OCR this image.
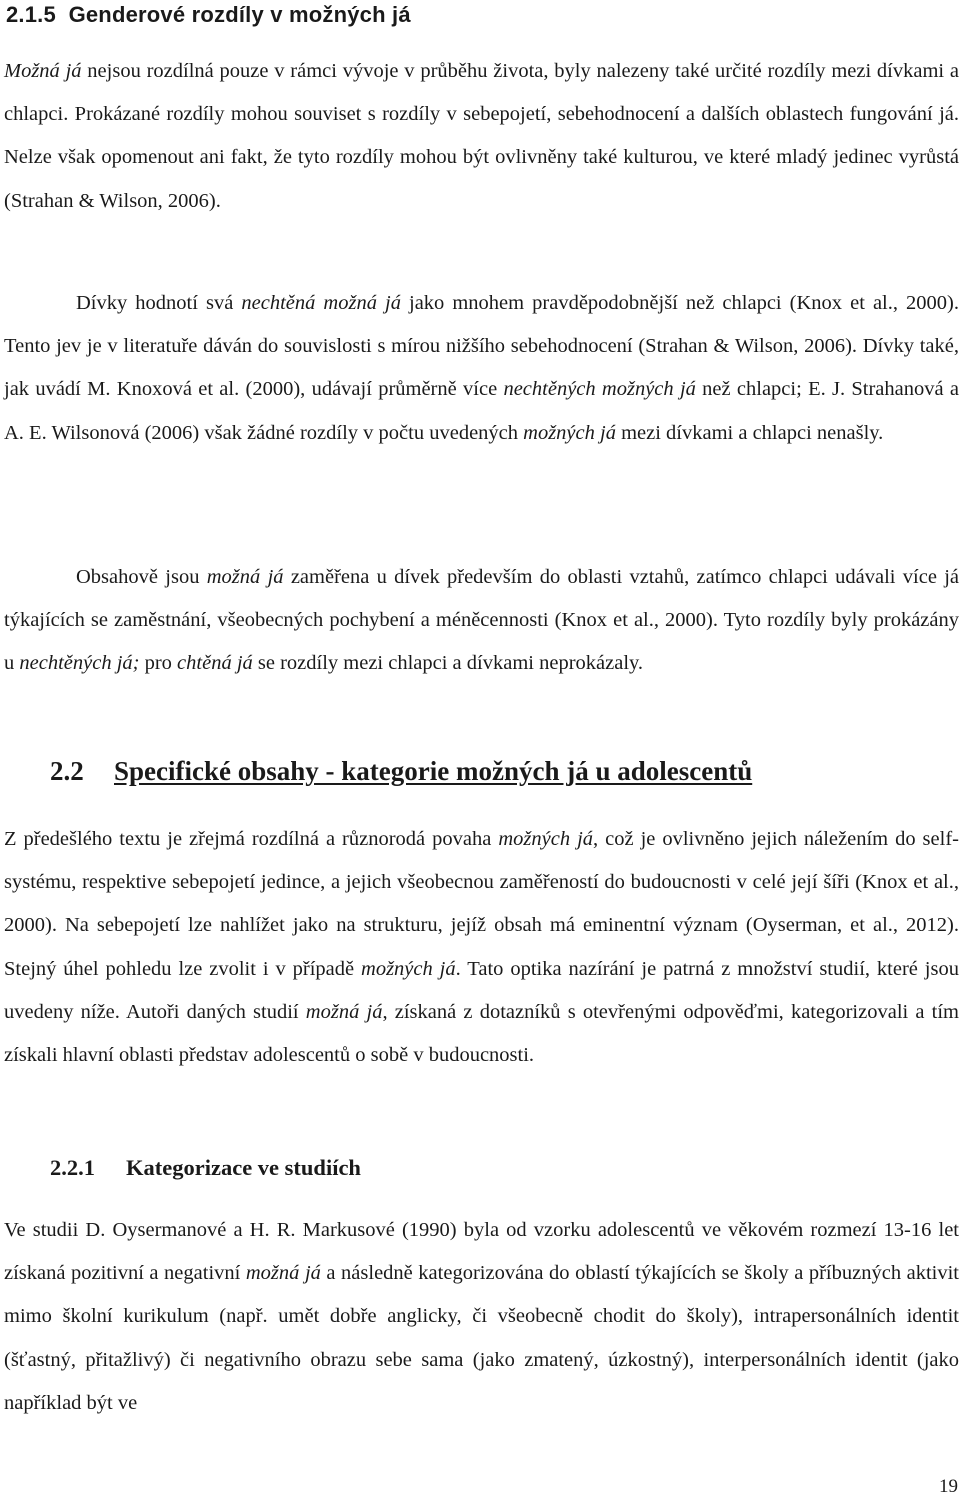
2.1.5 Genderové rozdíly v možných já

Možná já nejsou rozdílná pouze v rámci vývoje v průběhu života, byly nalezeny také určité rozdíly mezi dívkami a chlapci. Prokázané rozdíly mohou souviset s rozdíly v sebepojetí, sebehodnocení a dalších oblastech fungování já. Nelze však opomenout ani fakt, že tyto rozdíly mohou být ovlivněny také kulturou, ve které mladý jedinec vyrůstá (Strahan & Wilson, 2006).

Dívky hodnotí svá nechtěná možná já jako mnohem pravděpodobnější než chlapci (Knox et al., 2000). Tento jev je v literatuře dáván do souvislosti s mírou nižšího sebehodnocení (Strahan & Wilson, 2006). Dívky také, jak uvádí M. Knoxová et al. (2000), udávají průměrně více nechtěných možných já než chlapci; E. J. Strahanová a A. E. Wilsonová (2006) však žádné rozdíly v počtu uvedených možných já mezi dívkami a chlapci nenašly.

Obsahově jsou možná já zaměřena u dívek především do oblasti vztahů, zatímco chlapci udávali více já týkajících se zaměstnání, všeobecných pochybení a méněcennosti (Knox et al., 2000). Tyto rozdíly byly prokázány u nechtěných já; pro chtěná já se rozdíly mezi chlapci a dívkami neprokázaly.

2.2 Specifické obsahy - kategorie možných já u adolescentů

Z předešlého textu je zřejmá rozdílná a různorodá povaha možných já, což je ovlivněno jejich náležením do self-systému, respektive sebepojetí jedince, a jejich všeobecnou zaměřeností do budoucnosti v celé její šíři (Knox et al., 2000). Na sebepojetí lze nahlížet jako na strukturu, jejíž obsah má eminentní význam (Oyserman, et al., 2012). Stejný úhel pohledu lze zvolit i v případě možných já. Tato optika nazírání je patrná z množství studií, které jsou uvedeny níže. Autoři daných studií možná já, získaná z dotazníků s otevřenými odpověďmi, kategorizovali a tím získali hlavní oblasti představ adolescentů o sobě v budoucnosti.

2.2.1 Kategorizace ve studiích

Ve studii D. Oysermanové a H. R. Markusové (1990) byla od vzorku adolescentů ve věkovém rozmezí 13-16 let získaná pozitivní a negativní možná já a následně kategorizována do oblastí týkajících se školy a příbuzných aktivit mimo školní kurikulum (např. umět dobře anglicky, či všeobecně chodit do školy), intrapersonálních identit (šťastný, přitažlivý) či negativního obrazu sebe sama (jako zmatený, úzkostný), interpersonálních identit (jako například být ve

19
